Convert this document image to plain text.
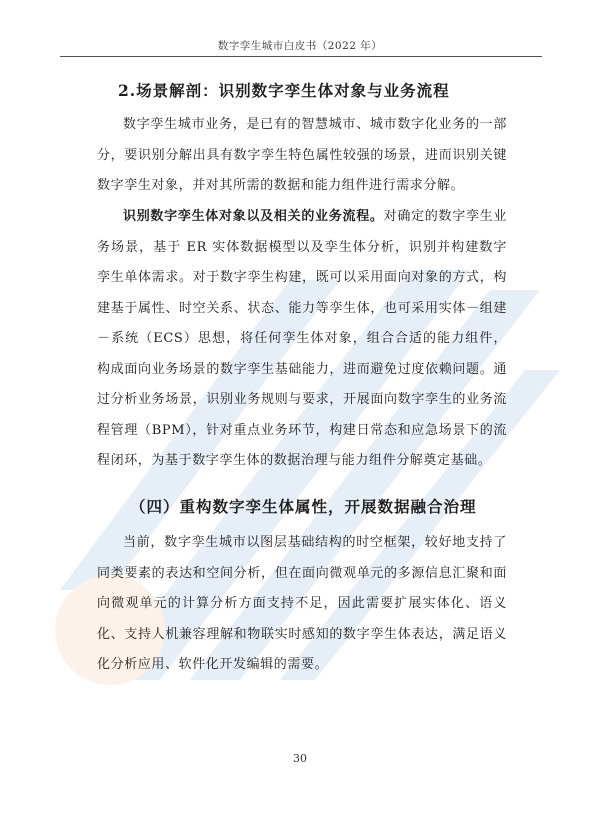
数字孪生城市白皮书（2022 年）
2.场景解剖：识别数字孪生体对象与业务流程

数字孪生城市业务，是已有的智慧城市、城市数字化业务的一部分，要识别分解出具有数字孪生特色属性较强的场景，进而识别关键数字孪生对象，并对其所需的数据和能力组件进行需求分解。

识别数字孪生体对象以及相关的业务流程。对确定的数字孪生业务场景，基于 ER 实体数据模型以及孪生体分析，识别并构建数字孪生单体需求。对于数字孪生构建，既可以采用面向对象的方式，构建基于属性、时空关系、状态、能力等孪生体，也可采用实体－组建－系统（ECS）思想，将任何孪生体对象，组合合适的能力组件，构成面向业务场景的数字孪生基础能力，进而避免过度依赖问题。通过分析业务场景，识别业务规则与要求，开展面向数字孪生的业务流程管理（BPM），针对重点业务环节，构建日常态和应急场景下的流程闭环，为基于数字孪生体的数据治理与能力组件分解奠定基础。

（四）重构数字孪生体属性，开展数据融合治理

当前，数字孪生城市以图层基础结构的时空框架，较好地支持了同类要素的表达和空间分析，但在面向微观单元的多源信息汇聚和面向微观单元的计算分析方面支持不足，因此需要扩展实体化、语义化、支持人机兼容理解和物联实时感知的数字孪生体表达，满足语义化分析应用、软件化开发编辑的需要。

30
